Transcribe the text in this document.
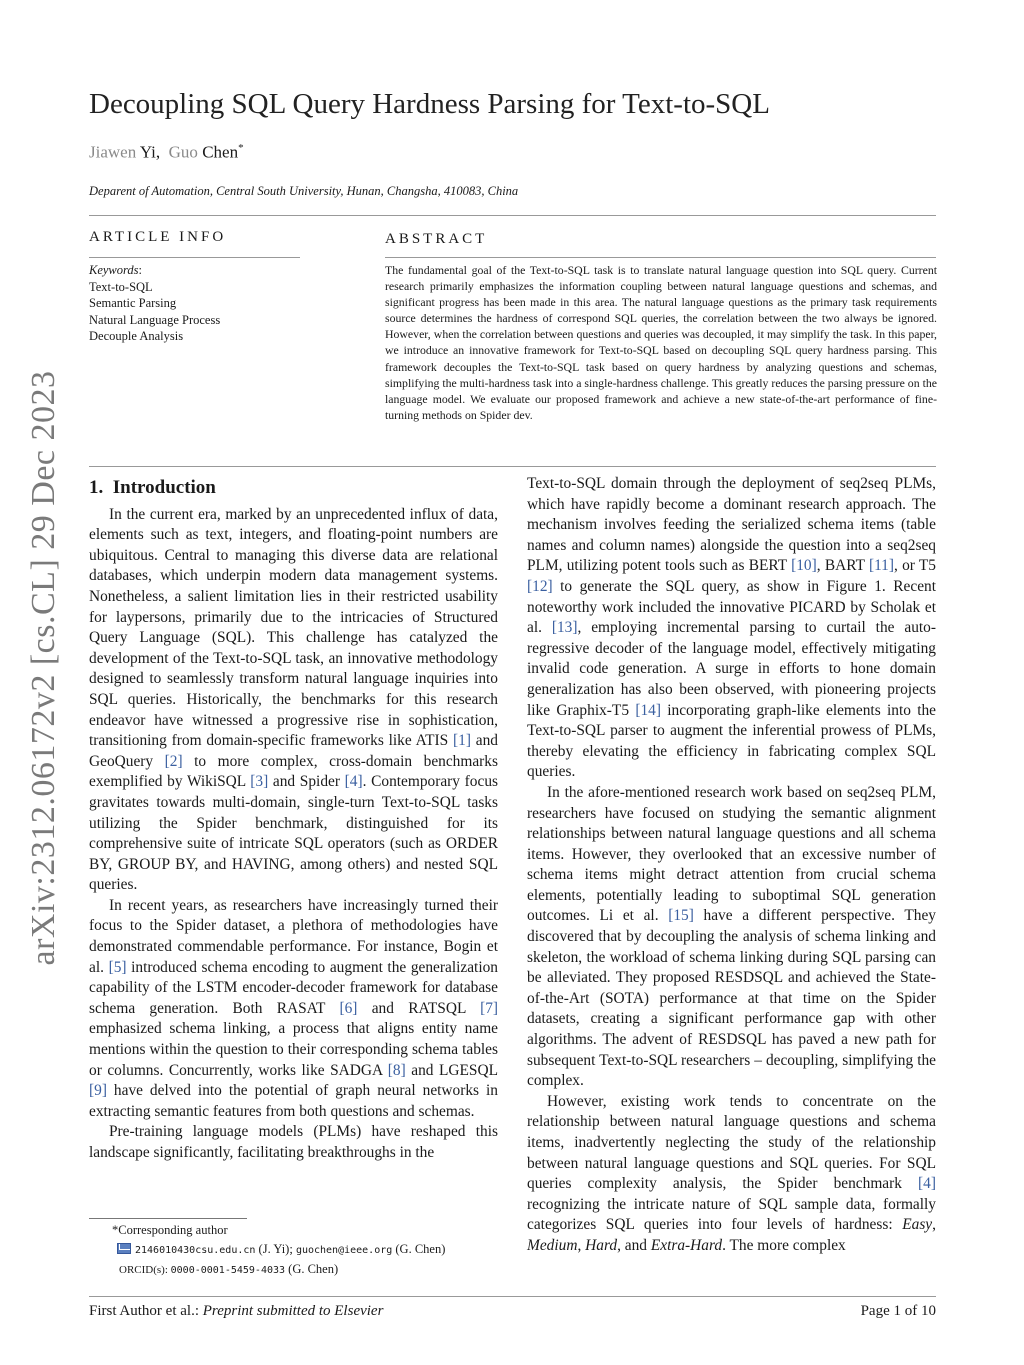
arXiv:2312.06172v2 [cs.CL] 29 Dec 2023
Decoupling SQL Query Hardness Parsing for Text-to-SQL
Jiawen Yi, Guo Chen*
Deparent of Automation, Central South University, Hunan, Changsha, 410083, China
ARTICLE INFO	ABSTRACT
Keywords:
Text-to-SQL
Semantic Parsing
Natural Language Process
Decouple Analysis
The fundamental goal of the Text-to-SQL task is to translate natural language question into SQL query. Current research primarily emphasizes the information coupling between natural language questions and schemas, and significant progress has been made in this area. The natural language questions as the primary task requirements source determines the hardness of correspond SQL queries, the correlation between the two always be ignored. However, when the correlation between questions and queries was decoupled, it may simplify the task. In this paper, we introduce an innovative framework for Text-to-SQL based on decoupling SQL query hardness parsing. This framework decouples the Text-to-SQL task based on query hardness by analyzing questions and schemas, simplifying the multi-hardness task into a single-hardness challenge. This greatly reduces the parsing pressure on the language model. We evaluate our proposed framework and achieve a new state-of-the-art performance of fine-turning methods on Spider dev.
1. Introduction

In the current era, marked by an unprecedented influx of data, elements such as text, integers, and floating-point numbers are ubiquitous. Central to managing this diverse data are relational databases, which underpin modern data management systems. Nonetheless, a salient limitation lies in their restricted usability for laypersons, primarily due to the intricacies of Structured Query Language (SQL). This challenge has catalyzed the development of the Text-to-SQL task, an innovative methodology designed to seamlessly transform natural language inquiries into SQL queries. Historically, the benchmarks for this research endeavor have witnessed a progressive rise in sophistication, transitioning from domain-specific frameworks like ATIS [1] and GeoQuery [2] to more complex, cross-domain benchmarks exemplified by WikiSQL [3] and Spider [4]. Contemporary focus gravitates towards multi-domain, single-turn Text-to-SQL tasks utilizing the Spider benchmark, distinguished for its comprehensive suite of intricate SQL operators (such as ORDER BY, GROUP BY, and HAVING, among others) and nested SQL queries.

In recent years, as researchers have increasingly turned their focus to the Spider dataset, a plethora of methodologies have demonstrated commendable performance. For instance, Bogin et al. [5] introduced schema encoding to augment the generalization capability of the LSTM encoder-decoder framework for database schema generation. Both RASAT [6] and RATSQL [7] emphasized schema linking, a process that aligns entity name mentions within the question to their corresponding schema tables or columns. Concurrently, works like SADGA [8] and LGESQL [9] have delved into the potential of graph neural networks in extracting semantic features from both questions and schemas.

Pre-training language models (PLMs) have reshaped this landscape significantly, facilitating breakthroughs in the

Text-to-SQL domain through the deployment of seq2seq PLMs, which have rapidly become a dominant research approach. The mechanism involves feeding the serialized schema items (table names and column names) alongside the question into a seq2seq PLM, utilizing potent tools such as BERT [10], BART [11], or T5 [12] to generate the SQL query, as show in Figure 1. Recent noteworthy work included the innovative PICARD by Scholak et al. [13], employing incremental parsing to curtail the auto-regressive decoder of the language model, effectively mitigating invalid code generation. A surge in efforts to hone domain generalization has also been observed, with pioneering projects like Graphix-T5 [14] incorporating graph-like elements into the Text-to-SQL parser to augment the inferential prowess of PLMs, thereby elevating the efficiency in fabricating complex SQL queries.

In the afore-mentioned research work based on seq2seq PLM, researchers have focused on studying the semantic alignment relationships between natural language questions and all schema items. However, they overlooked that an excessive number of schema items might detract attention from crucial schema elements, potentially leading to suboptimal SQL generation outcomes. Li et al. [15] have a different perspective. They discovered that by decoupling the analysis of schema linking and skeleton, the workload of schema linking during SQL parsing can be alleviated. They proposed RESDSQL and achieved the State-of-the-Art (SOTA) performance at that time on the Spider datasets, creating a significant performance gap with other algorithms. The advent of RESDSQL has paved a new path for subsequent Text-to-SQL researchers – decoupling, simplifying the complex.

However, existing work tends to concentrate on the relationship between natural language questions and schema items, inadvertently neglecting the study of the relationship between natural language questions and SQL queries. For SQL queries complexity analysis, the Spider benchmark [4] recognizing the intricate nature of SQL sample data, formally categorizes SQL queries into four levels of hardness: Easy, Medium, Hard, and Extra-Hard. The more complex

*Corresponding author
2146010430csu.edu.cn (J. Yi); guochen@ieee.org (G. Chen)
ORCID(s): 0000-0001-5459-4033 (G. Chen)
First Author et al.: Preprint submitted to Elsevier	Page 1 of 10
